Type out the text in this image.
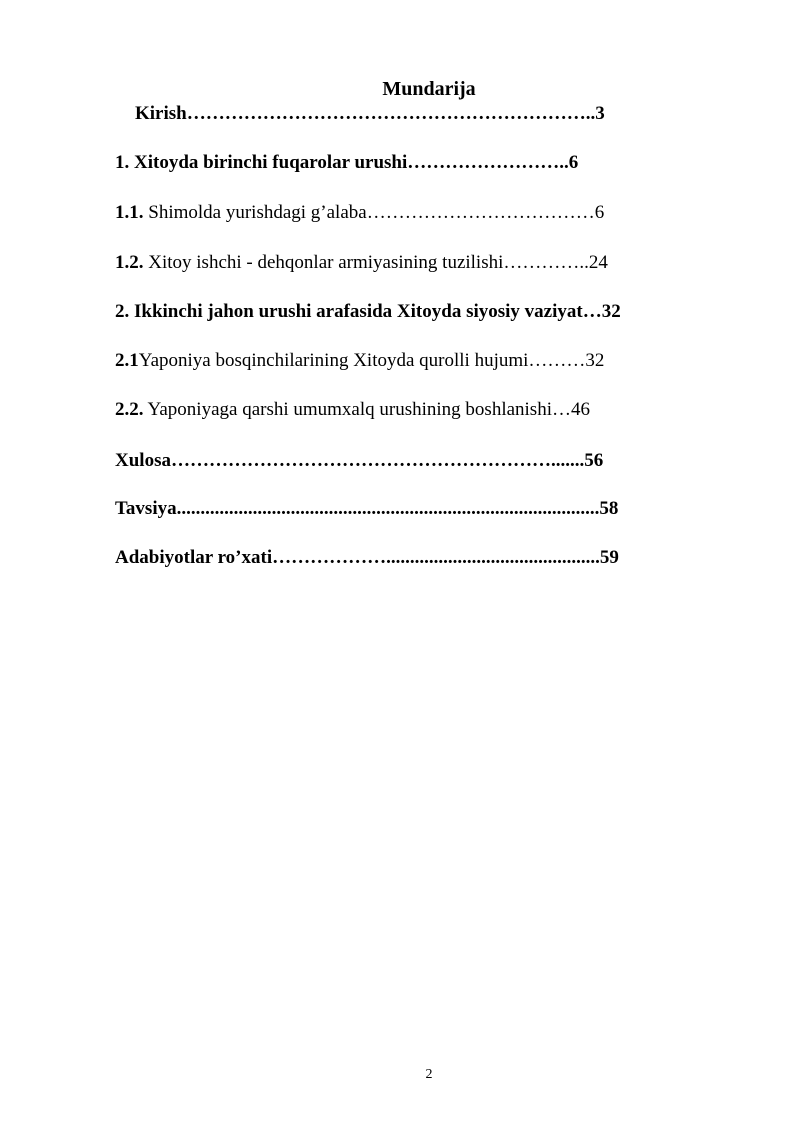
Mundarija
Kirish………………………………………………………..3
1. Xitoyda birinchi fuqarolar urushi……………………..6
1.1. Shimolda yurishdagi g’alaba………………………………6
1.2. Xitoy ishchi - dehqonlar armiyasining tuzilishi…………..24
2. Ikkinchi jahon urushi arafasida Xitoyda siyosiy vaziyat…32
2.1Yaponiya bosqinchilarining Xitoyda qurolli hujumi………32
2.2. Yaponiyaga qarshi umumxalq urushining boshlanishi…46
Xulosa…………………………………………………….......56
Tavsiya.........................................................................................58
Adabiyotlar ro’xati……………….............................................59
2
